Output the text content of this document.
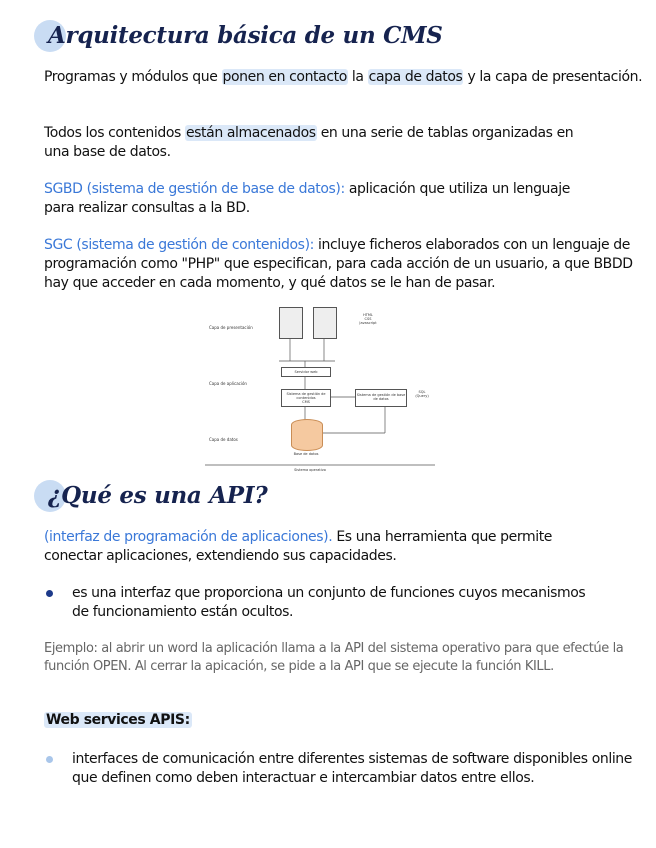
Arquitectura básica de un CMS
Programas y módulos que ponen en contacto la capa de datos y la capa de presentación.
Todos los contenidos están almacenados en una serie de tablas organizadas en una base de datos.
SGBD (sistema de gestión de base de datos): aplicación que utiliza un lenguaje para realizar consultas a la BD.
SGC (sistema de gestión de contenidos): incluye ficheros elaborados con un lenguaje de programación como "PHP" que especifican, para cada acción de un usuario, a que BBDD hay que acceder en cada momento, y qué datos se le han de pasar.
Capa de presentación
Capa de aplicación
Capa de datos
HTML
CSS
Javascript
Servidor web
Sistema de gestión de contenidos
CMS
Sistema de gestión de base de datos
SQL
(Query)
Base de datos
Sistema operativo
¿Qué es una API?
(interfaz de programación de aplicaciones). Es una herramienta que permite conectar aplicaciones, extendiendo sus capacidades.
es una interfaz que proporciona un conjunto de funciones cuyos mecanismos de funcionamiento están ocultos.
Ejemplo: al abrir un word la aplicación llama a la API del sistema operativo para que efectúe la función OPEN. Al cerrar la apicación, se pide a la API que se ejecute la función KILL.
Web services APIS:
interfaces de comunicación entre diferentes sistemas de software disponibles online que definen como deben interactuar e intercambiar datos entre ellos.
